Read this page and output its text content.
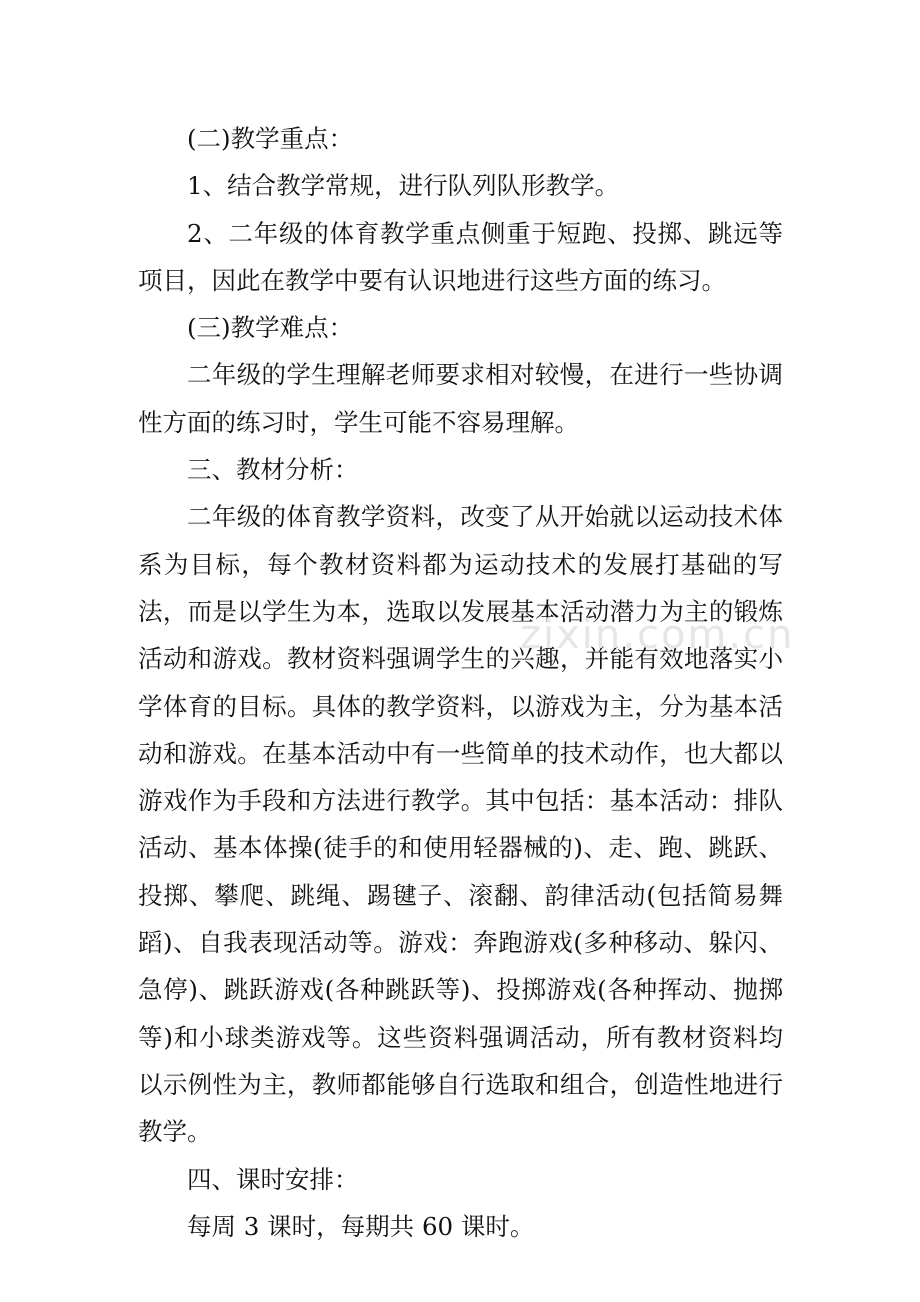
(二)教学重点：

1、结合教学常规，进行队列队形教学。

2、二年级的体育教学重点侧重于短跑、投掷、跳远等项目，因此在教学中要有认识地进行这些方面的练习。

(三)教学难点：

二年级的学生理解老师要求相对较慢，在进行一些协调性方面的练习时，学生可能不容易理解。

三、教材分析：

二年级的体育教学资料，改变了从开始就以运动技术体系为目标，每个教材资料都为运动技术的发展打基础的写法，而是以学生为本，选取以发展基本活动潜力为主的锻炼活动和游戏。教材资料强调学生的兴趣，并能有效地落实小学体育的目标。具体的教学资料，以游戏为主，分为基本活动和游戏。在基本活动中有一些简单的技术动作，也大都以游戏作为手段和方法进行教学。其中包括：基本活动：排队活动、基本体操(徒手的和使用轻器械的)、走、跑、跳跃、投掷、攀爬、跳绳、踢毽子、滚翻、韵律活动(包括简易舞蹈)、自我表现活动等。游戏：奔跑游戏(多种移动、躲闪、急停)、跳跃游戏(各种跳跃等)、投掷游戏(各种挥动、抛掷等)和小球类游戏等。这些资料强调活动，所有教材资料均以示例性为主，教师都能够自行选取和组合，创造性地进行教学。

四、课时安排：

每周 3 课时，每期共 60 课时。

zixin.com.cn
